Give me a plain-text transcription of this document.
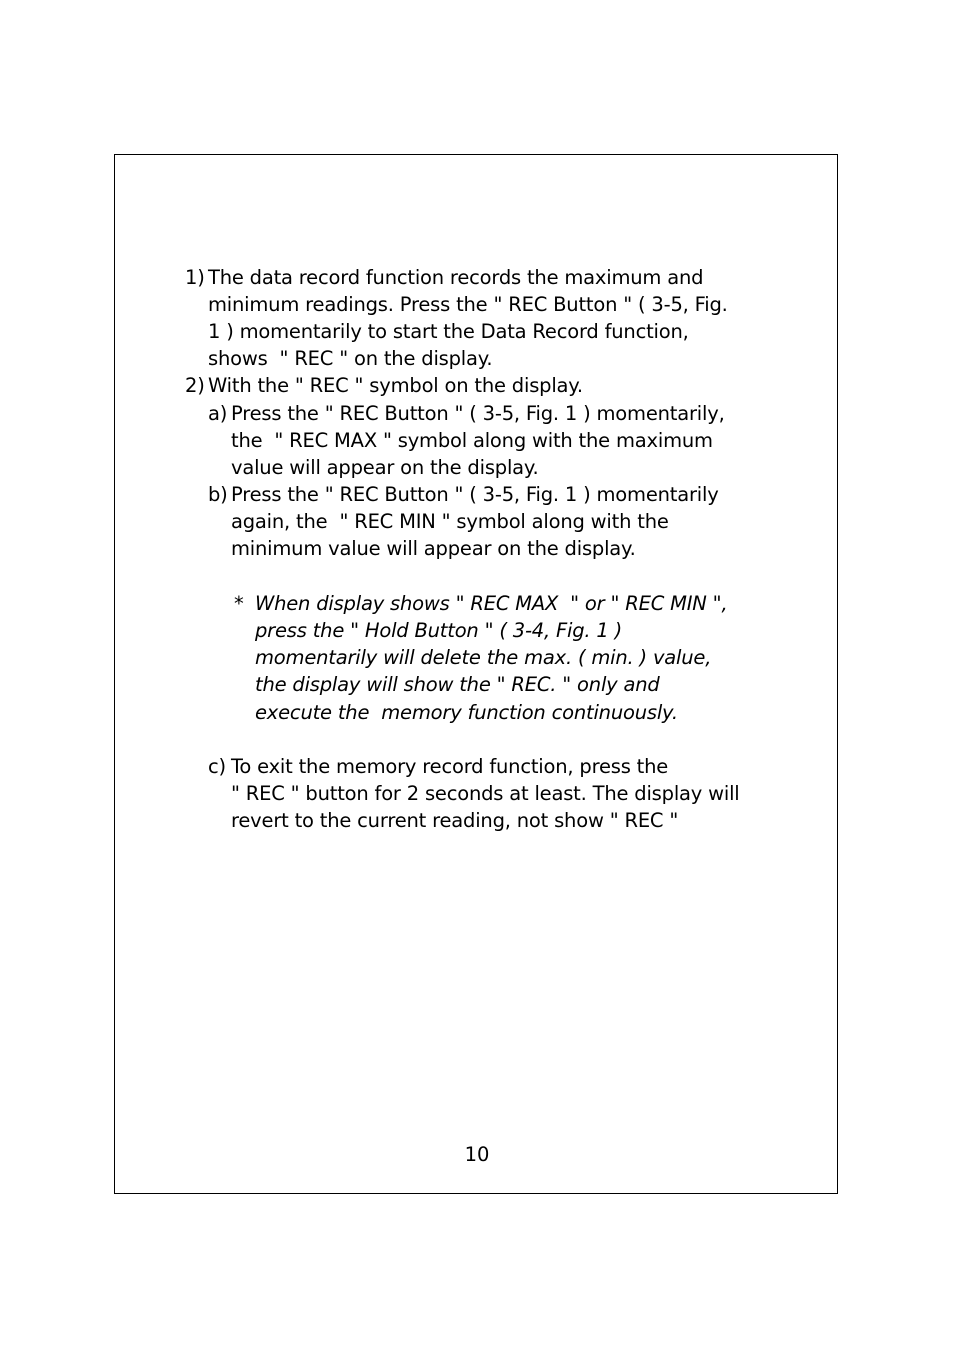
1) The data record function records the maximum and
minimum readings. Press the " REC Button " ( 3-5, Fig.
1 ) momentarily to start the Data Record function,
shows  " REC " on the display.
2) With the " REC " symbol on the display.
a) Press the " REC Button " ( 3-5, Fig. 1 ) momentarily,
the  " REC MAX " symbol along with the maximum
value will appear on the display.
b) Press the " REC Button " ( 3-5, Fig. 1 ) momentarily
again, the  " REC MIN " symbol along with the
minimum value will appear on the display.
* When display shows " REC MAX  " or " REC MIN ",
press the " Hold Button " ( 3-4, Fig. 1 )
momentarily will delete the max. ( min. ) value,
the display will show the " REC. " only and
execute the  memory function continuously.
c) To exit the memory record function, press the
" REC " button for 2 seconds at least. The display will
revert to the current reading, not show " REC "
10
